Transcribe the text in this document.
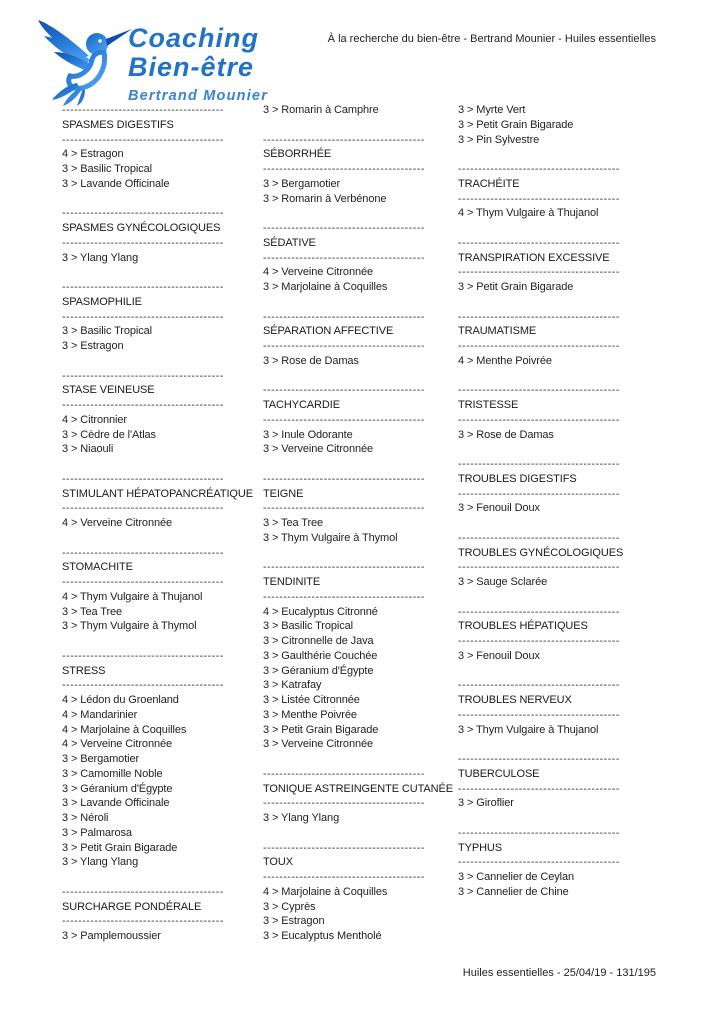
Coaching
Bien-être
Bertrand Mounier
À la recherche du bien-être - Bertrand Mounier - Huiles essentielles
----------------------------------------
SPASMES DIGESTIFS
----------------------------------------
4 > Estragon
3 > Basilic Tropical
3 > Lavande Officinale

----------------------------------------
SPASMES GYNÉCOLOGIQUES
----------------------------------------
3 > Ylang Ylang

----------------------------------------
SPASMOPHILIE
----------------------------------------
3 > Basilic Tropical
3 > Estragon

----------------------------------------
STASE VEINEUSE
----------------------------------------
4 > Citronnier
3 > Cèdre de l'Atlas
3 > Niaouli

----------------------------------------
STIMULANT HÉPATOPANCRÉATIQUE
----------------------------------------
4 > Verveine Citronnée

----------------------------------------
STOMACHITE
----------------------------------------
4 > Thym Vulgaire à Thujanol
3 > Tea Tree
3 > Thym Vulgaire à Thymol

----------------------------------------
STRESS
----------------------------------------
4 > Lédon du Groenland
4 > Mandarinier
4 > Marjolaine à Coquilles
4 > Verveine Citronnée
3 > Bergamotier
3 > Camomille Noble
3 > Géranium d'Égypte
3 > Lavande Officinale
3 > Néroli
3 > Palmarosa
3 > Petit Grain Bigarade
3 > Ylang Ylang

----------------------------------------
SURCHARGE PONDÉRALE
----------------------------------------
3 > Pamplemoussier
3 > Romarin à Camphre

----------------------------------------
SÉBORRHÉE
----------------------------------------
3 > Bergamotier
3 > Romarin à Verbénone

----------------------------------------
SÉDATIVE
----------------------------------------
4 > Verveine Citronnée
3 > Marjolaine à Coquilles

----------------------------------------
SÉPARATION AFFECTIVE
----------------------------------------
3 > Rose de Damas

----------------------------------------
TACHYCARDIE
----------------------------------------
3 > Inule Odorante
3 > Verveine Citronnée

----------------------------------------
TEIGNE
----------------------------------------
3 > Tea Tree
3 > Thym Vulgaire à Thymol

----------------------------------------
TENDINITE
----------------------------------------
4 > Eucalyptus Citronné
3 > Basilic Tropical
3 > Citronnelle de Java
3 > Gaulthérie Couchée
3 > Géranium d'Égypte
3 > Katrafay
3 > Listée Citronnée
3 > Menthe Poivrée
3 > Petit Grain Bigarade
3 > Verveine Citronnée

----------------------------------------
TONIQUE ASTREINGENTE CUTANÉE
----------------------------------------
3 > Ylang Ylang

----------------------------------------
TOUX
----------------------------------------
4 > Marjolaine à Coquilles
3 > Cyprès
3 > Estragon
3 > Eucalyptus Mentholé
3 > Myrte Vert
3 > Petit Grain Bigarade
3 > Pin Sylvestre

----------------------------------------
TRACHÉITE
----------------------------------------
4 > Thym Vulgaire à Thujanol

----------------------------------------
TRANSPIRATION EXCESSIVE
----------------------------------------
3 > Petit Grain Bigarade

----------------------------------------
TRAUMATISME
----------------------------------------
4 > Menthe Poivrée

----------------------------------------
TRISTESSE
----------------------------------------
3 > Rose de Damas

----------------------------------------
TROUBLES DIGESTIFS
----------------------------------------
3 > Fenouil Doux

----------------------------------------
TROUBLES GYNÉCOLOGIQUES
----------------------------------------
3 > Sauge Sclarée

----------------------------------------
TROUBLES HÉPATIQUES
----------------------------------------
3 > Fenouil Doux

----------------------------------------
TROUBLES NERVEUX
----------------------------------------
3 > Thym Vulgaire à Thujanol

----------------------------------------
TUBERCULOSE
----------------------------------------
3 > Giroflier

----------------------------------------
TYPHUS
----------------------------------------
3 > Cannelier de Ceylan
3 > Cannelier de Chine
Huiles essentielles - 25/04/19 - 131/195
